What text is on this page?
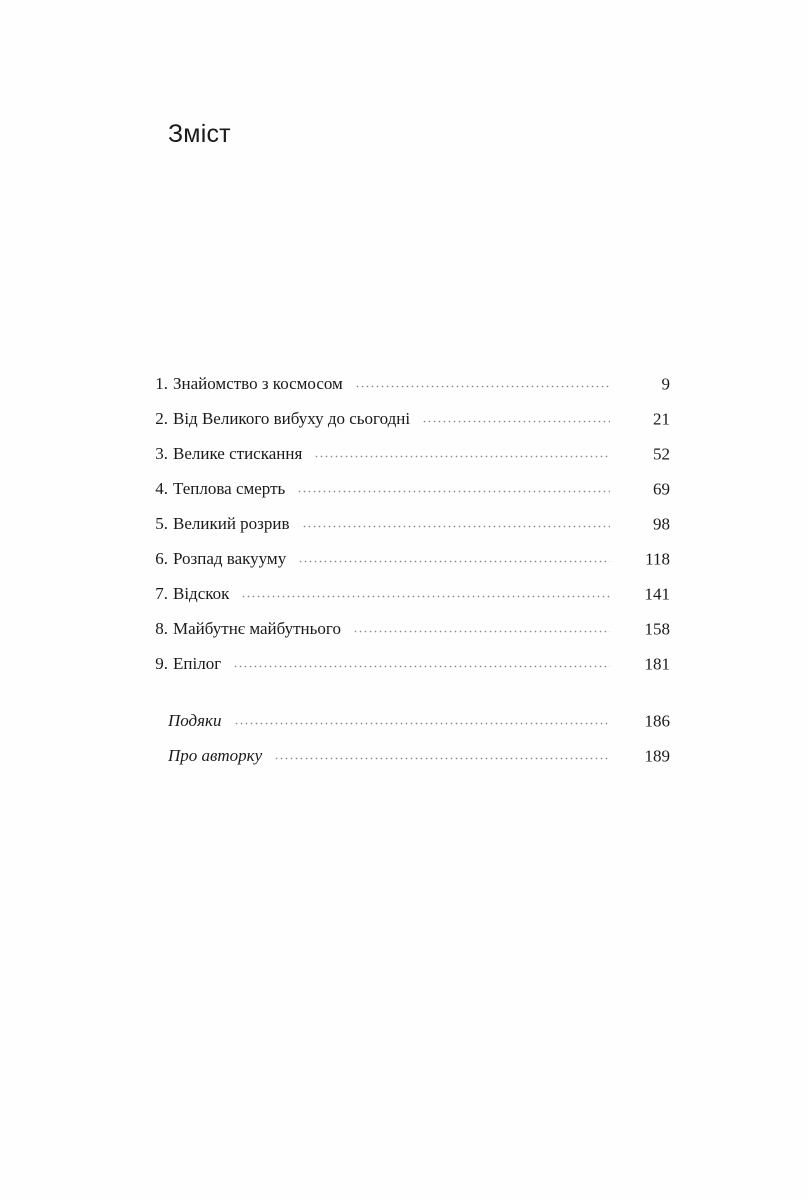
Зміст
1. Знайомство з космосом	9
2. Від Великого вибуху до сьогодні	21
3. Велике стискання	52
4. Теплова смерть	69
5. Великий розрив	98
6. Розпад вакууму	118
7. Відскок	141
8. Майбутнє майбутнього	158
9. Епілог	181
Подяки	186
Про авторку	189
